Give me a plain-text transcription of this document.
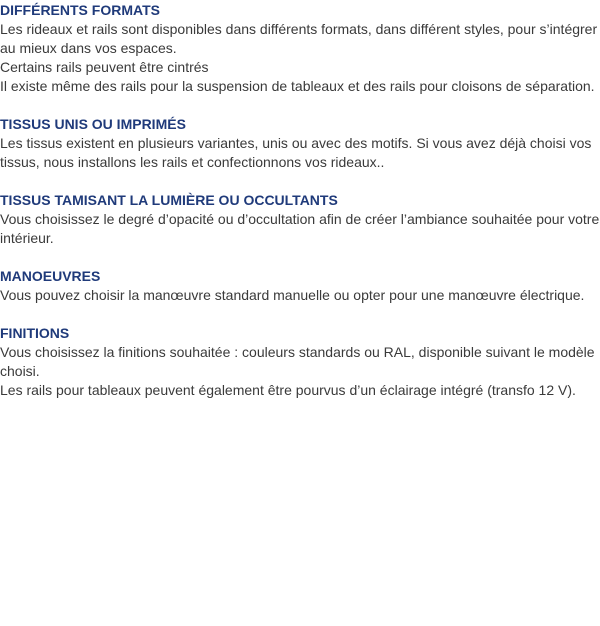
DIFFÉRENTS FORMATS

Les rideaux et rails sont disponibles dans différents formats, dans différent styles, pour s’intégrer au mieux dans vos espaces.

Certains rails peuvent être cintrés

Il existe même des rails pour la suspension de tableaux et des rails pour cloisons de séparation.

TISSUS UNIS OU IMPRIMÉS

Les tissus existent en plusieurs variantes, unis ou avec des motifs. Si vous avez déjà choisi vos tissus, nous installons les rails et confectionnons vos rideaux..

TISSUS TAMISANT LA LUMIÈRE OU OCCULTANTS

Vous choisissez le degré d’opacité ou d’occultation afin de créer l’ambiance souhaitée pour votre intérieur.

MANOEUVRES

Vous pouvez choisir la manœuvre standard manuelle ou opter pour une manœuvre électrique.

FINITIONS

Vous choisissez la finitions souhaitée : couleurs standards ou RAL, disponible suivant le modèle choisi.

Les rails pour tableaux peuvent également être pourvus d’un éclairage intégré (transfo 12 V).
